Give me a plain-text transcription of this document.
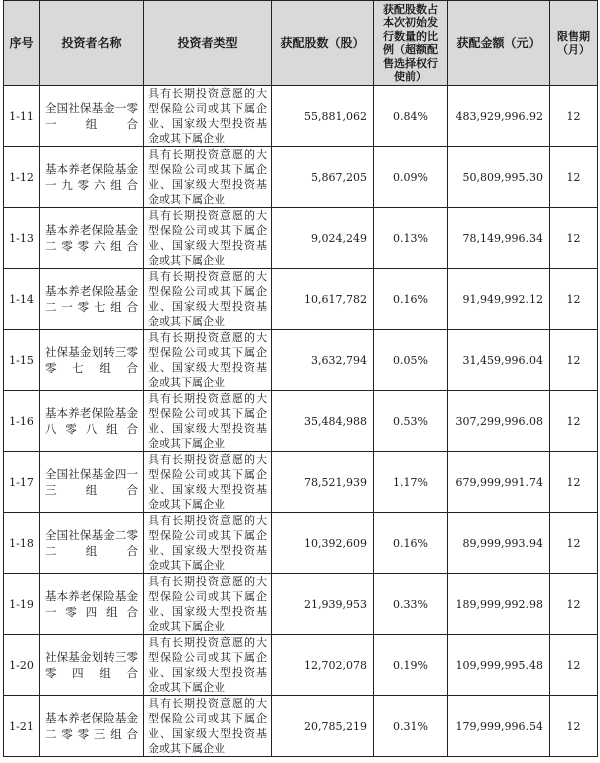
序号	投资者名称	投资者类型	获配股数（股）	获配股数占本次初始发行数量的比例（超额配售选择权行使前）	获配金额（元）	限售期（月）
1-11	全国社保基金一零一组合	具有长期投资意愿的大型保险公司或其下属企业、国家级大型投资基金或其下属企业	55,881,062	0.84%	483,929,996.92	12
1-12	基本养老保险基金一九零六组合	具有长期投资意愿的大型保险公司或其下属企业、国家级大型投资基金或其下属企业	5,867,205	0.09%	50,809,995.30	12
1-13	基本养老保险基金二零零六组合	具有长期投资意愿的大型保险公司或其下属企业、国家级大型投资基金或其下属企业	9,024,249	0.13%	78,149,996.34	12
1-14	基本养老保险基金二一零七组合	具有长期投资意愿的大型保险公司或其下属企业、国家级大型投资基金或其下属企业	10,617,782	0.16%	91,949,992.12	12
1-15	社保基金划转三零零七组合	具有长期投资意愿的大型保险公司或其下属企业、国家级大型投资基金或其下属企业	3,632,794	0.05%	31,459,996.04	12
1-16	基本养老保险基金八零八组合	具有长期投资意愿的大型保险公司或其下属企业、国家级大型投资基金或其下属企业	35,484,988	0.53%	307,299,996.08	12
1-17	全国社保基金四一三组合	具有长期投资意愿的大型保险公司或其下属企业、国家级大型投资基金或其下属企业	78,521,939	1.17%	679,999,991.74	12
1-18	全国社保基金二零二组合	具有长期投资意愿的大型保险公司或其下属企业、国家级大型投资基金或其下属企业	10,392,609	0.16%	89,999,993.94	12
1-19	基本养老保险基金一零四组合	具有长期投资意愿的大型保险公司或其下属企业、国家级大型投资基金或其下属企业	21,939,953	0.33%	189,999,992.98	12
1-20	社保基金划转三零零四组合	具有长期投资意愿的大型保险公司或其下属企业、国家级大型投资基金或其下属企业	12,702,078	0.19%	109,999,995.48	12
1-21	基本养老保险基金二零零三组合	具有长期投资意愿的大型保险公司或其下属企业、国家级大型投资基金或其下属企业	20,785,219	0.31%	179,999,996.54	12
